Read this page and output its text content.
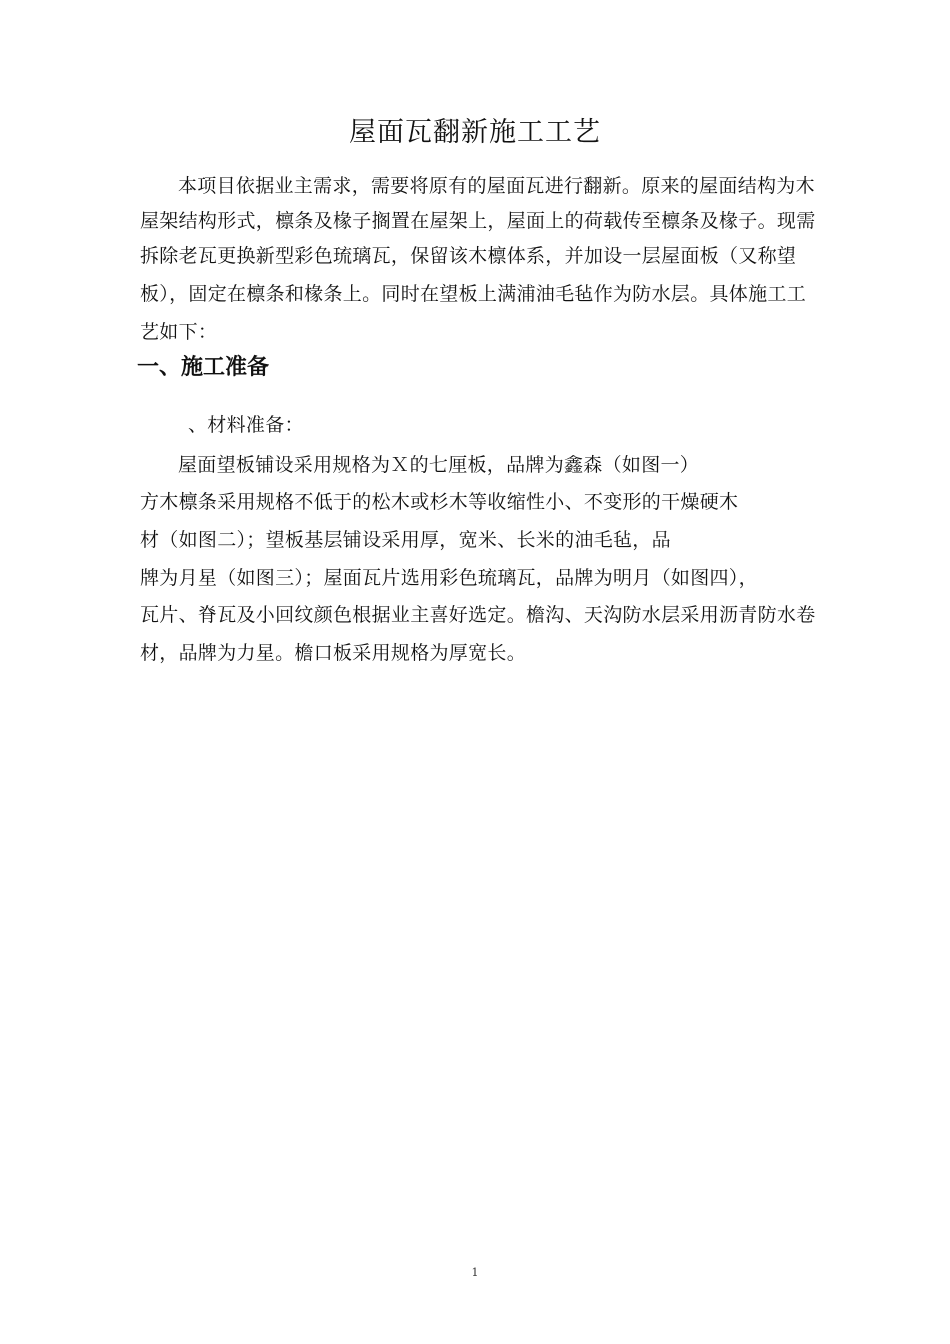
屋面瓦翻新施工工艺
本项目依据业主需求，需要将原有的屋面瓦进行翻新。原来的屋面结构为木
屋架结构形式，檩条及椽子搁置在屋架上，屋面上的荷载传至檩条及椽子。现需
拆除老瓦更换新型彩色琉璃瓦，保留该木檩体系，并加设一层屋面板（又称望
板），固定在檩条和椽条上。同时在望板上满浦油毛毡作为防水层。具体施工工
艺如下：
一、施工准备
、材料准备：
屋面望板铺设采用规格为Ｘ的七厘板，品牌为鑫森（如图一）
方木檩条采用规格不低于的松木或杉木等收缩性小、不变形的干燥硬木
材（如图二）；望板基层铺设采用厚，宽米、长米的油毛毡，品
牌为月星（如图三）；屋面瓦片选用彩色琉璃瓦，品牌为明月（如图四），
瓦片、脊瓦及小回纹颜色根据业主喜好选定。檐沟、天沟防水层采用沥青防水卷
材，品牌为力星。檐口板采用规格为厚宽长。
1
